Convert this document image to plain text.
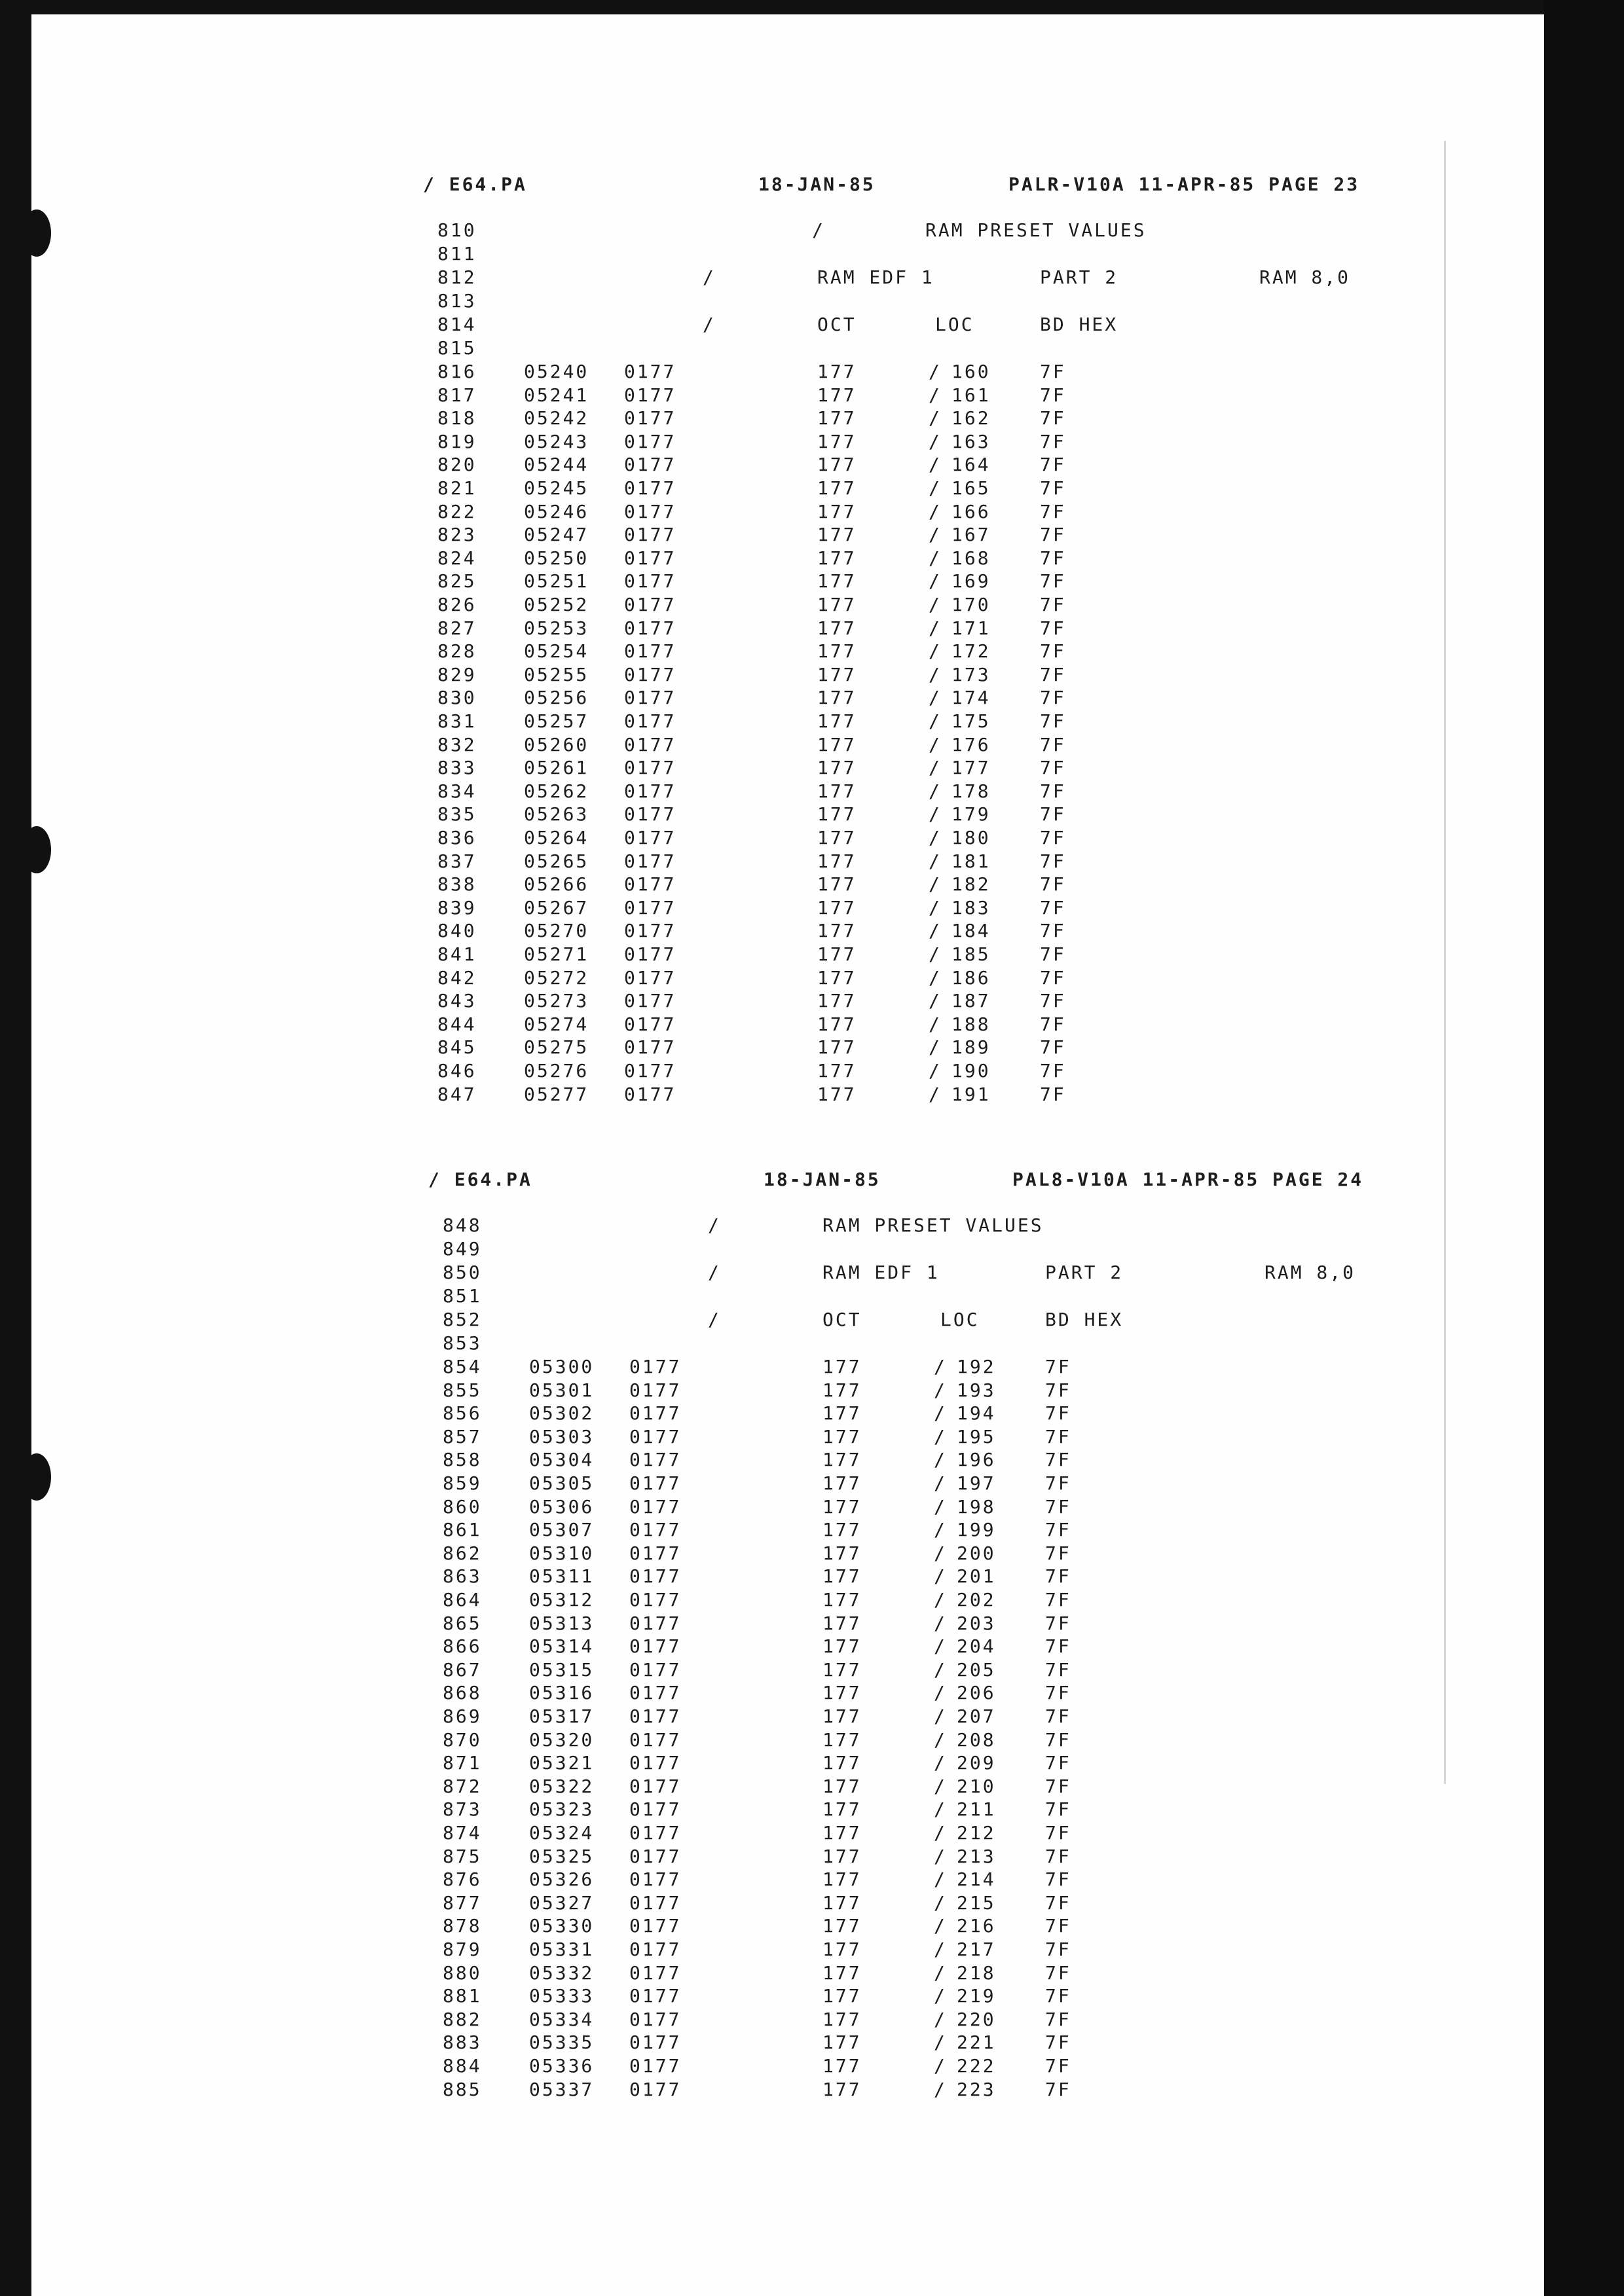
/ E64.PA	18-JAN-85	PALR-V10A 11-APR-85 PAGE 23
810	/	RAM PRESET VALUES
811
812	/	RAM EDF 1	PART 2	RAM 8,0
813
814	/	OCT	LOC	BD HEX
815
816	05240 0177	177	/ 160	7F
817	05241 0177	177	/ 161	7F
818	05242 0177	177	/ 162	7F
819	05243 0177	177	/ 163	7F
820	05244 0177	177	/ 164	7F
821	05245 0177	177	/ 165	7F
822	05246 0177	177	/ 166	7F
823	05247 0177	177	/ 167	7F
824	05250 0177	177	/ 168	7F
825	05251 0177	177	/ 169	7F
826	05252 0177	177	/ 170	7F
827	05253 0177	177	/ 171	7F
828	05254 0177	177	/ 172	7F
829	05255 0177	177	/ 173	7F
830	05256 0177	177	/ 174	7F
831	05257 0177	177	/ 175	7F
832	05260 0177	177	/ 176	7F
833	05261 0177	177	/ 177	7F
834	05262 0177	177	/ 178	7F
835	05263 0177	177	/ 179	7F
836	05264 0177	177	/ 180	7F
837	05265 0177	177	/ 181	7F
838	05266 0177	177	/ 182	7F
839	05267 0177	177	/ 183	7F
840	05270 0177	177	/ 184	7F
841	05271 0177	177	/ 185	7F
842	05272 0177	177	/ 186	7F
843	05273 0177	177	/ 187	7F
844	05274 0177	177	/ 188	7F
845	05275 0177	177	/ 189	7F
846	05276 0177	177	/ 190	7F
847	05277 0177	177	/ 191	7F
/ E64.PA	18-JAN-85	PAL8-V10A 11-APR-85 PAGE 24
848	/	RAM PRESET VALUES
849
850	/	RAM EDF 1	PART 2	RAM 8,0
851
852	/	OCT	LOC	BD HEX
853
854	05300 0177	177	/ 192	7F
855	05301 0177	177	/ 193	7F
856	05302 0177	177	/ 194	7F
857	05303 0177	177	/ 195	7F
858	05304 0177	177	/ 196	7F
859	05305 0177	177	/ 197	7F
860	05306 0177	177	/ 198	7F
861	05307 0177	177	/ 199	7F
862	05310 0177	177	/ 200	7F
863	05311 0177	177	/ 201	7F
864	05312 0177	177	/ 202	7F
865	05313 0177	177	/ 203	7F
866	05314 0177	177	/ 204	7F
867	05315 0177	177	/ 205	7F
868	05316 0177	177	/ 206	7F
869	05317 0177	177	/ 207	7F
870	05320 0177	177	/ 208	7F
871	05321 0177	177	/ 209	7F
872	05322 0177	177	/ 210	7F
873	05323 0177	177	/ 211	7F
874	05324 0177	177	/ 212	7F
875	05325 0177	177	/ 213	7F
876	05326 0177	177	/ 214	7F
877	05327 0177	177	/ 215	7F
878	05330 0177	177	/ 216	7F
879	05331 0177	177	/ 217	7F
880	05332 0177	177	/ 218	7F
881	05333 0177	177	/ 219	7F
882	05334 0177	177	/ 220	7F
883	05335 0177	177	/ 221	7F
884	05336 0177	177	/ 222	7F
885	05337 0177	177	/ 223	7F
